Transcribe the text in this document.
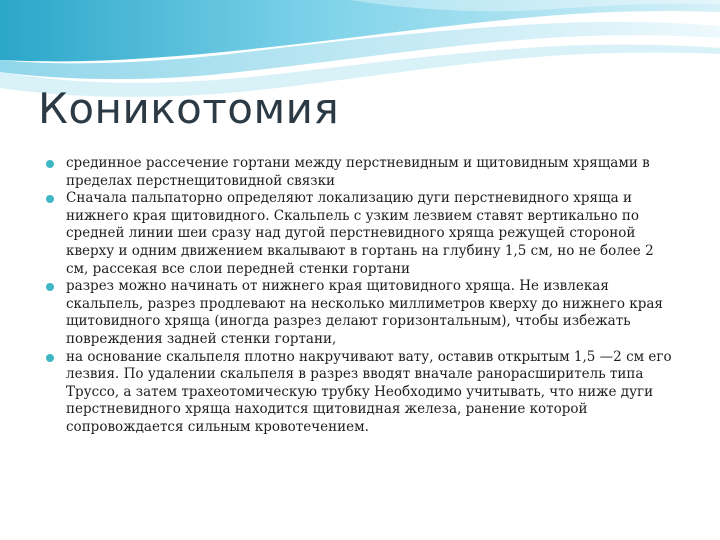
Коникотомия
срединное рассечение гортани между перстневидным и щитовидным хрящами в пределах перстнещитовидной связки
Сначала пальпаторно определяют локализацию дуги перстневидного хряща и нижнего края щитовидного. Скальпель с узким лезвием ставят вертикально по средней линии шеи сразу над дугой перстневидного хряща режущей стороной кверху и одним движением вкалывают в гортань на глубину 1,5 см, но не более 2 см, рассекая все слои передней стенки гортани
разрез можно начинать от нижнего края щитовидного хряща. Не извлекая скальпель, разрез продлевают на несколько миллиметров кверху до нижнего края щитовидного хряща (иногда разрез делают горизонтальным), чтобы избежать повреждения задней стенки гортани,
на основание скальпеля плотно накручивают вату, оставив открытым 1,5 —2 см его лезвия. По удалении скальпеля в разрез вводят вначале ранорасширитель типа Труссо, а затем трахеотомическую трубку Необходимо учитывать, что ниже дуги перстневидного хряща находится щитовидная железа, ранение которой сопровождается сильным кровотечением.
